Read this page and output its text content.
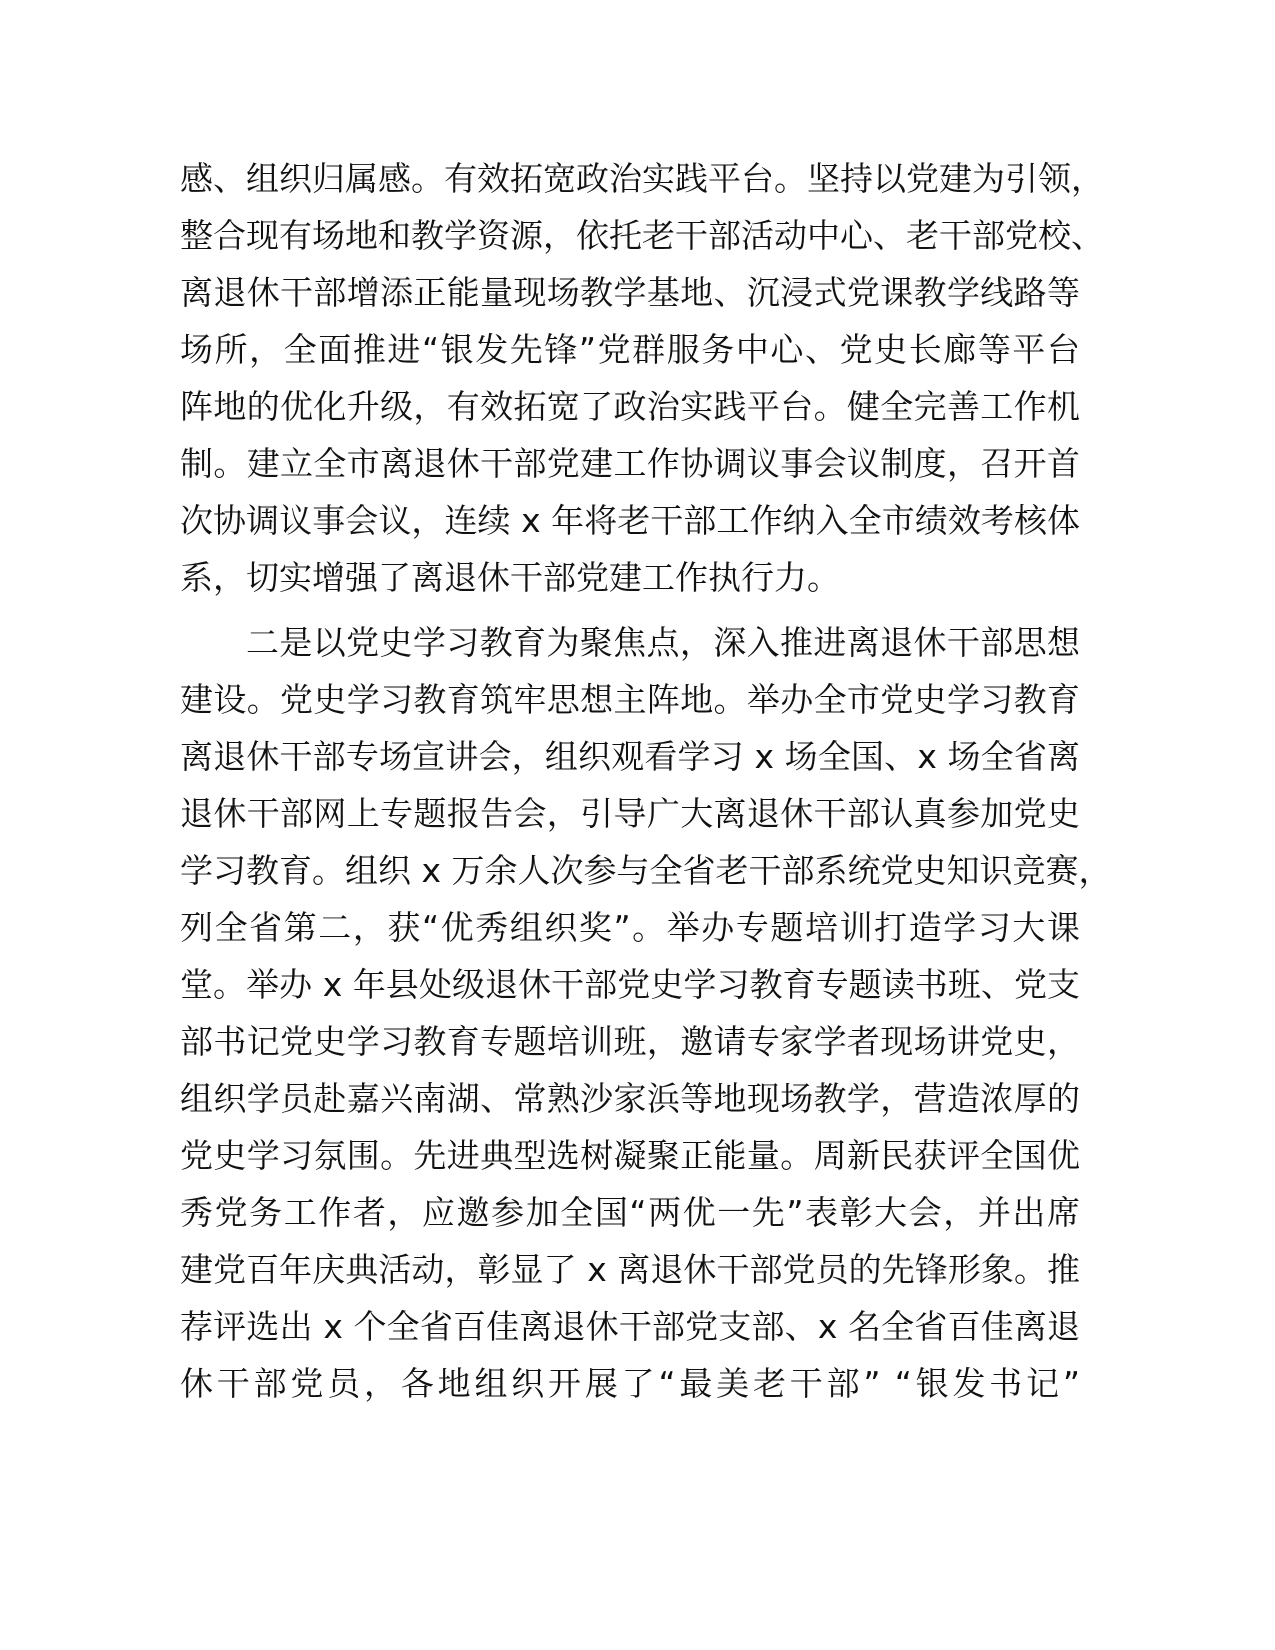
感、组织归属感。有效拓宽政治实践平台。坚持以党建为引领，
整合现有场地和教学资源，依托老干部活动中心、老干部党校、
离退休干部增添正能量现场教学基地、沉浸式党课教学线路等
场所，全面推进“银发先锋”党群服务中心、党史长廊等平台
阵地的优化升级，有效拓宽了政治实践平台。健全完善工作机
制。建立全市离退休干部党建工作协调议事会议制度，召开首
次协调议事会议，连续 x 年将老干部工作纳入全市绩效考核体
系，切实增强了离退休干部党建工作执行力。
二是以党史学习教育为聚焦点，深入推进离退休干部思想
建设。党史学习教育筑牢思想主阵地。举办全市党史学习教育
离退休干部专场宣讲会，组织观看学习 x 场全国、x 场全省离
退休干部网上专题报告会，引导广大离退休干部认真参加党史
学习教育。组织 x 万余人次参与全省老干部系统党史知识竞赛，
列全省第二，获“优秀组织奖”。举办专题培训打造学习大课
堂。举办 x 年县处级退休干部党史学习教育专题读书班、党支
部书记党史学习教育专题培训班，邀请专家学者现场讲党史，
组织学员赴嘉兴南湖、常熟沙家浜等地现场教学，营造浓厚的
党史学习氛围。先进典型选树凝聚正能量。周新民获评全国优
秀党务工作者，应邀参加全国“两优一先”表彰大会，并出席
建党百年庆典活动，彰显了 x 离退休干部党员的先锋形象。推
荐评选出 x 个全省百佳离退休干部党支部、x 名全省百佳离退
休干部党员，各地组织开展了“最美老干部” “银发书记”
